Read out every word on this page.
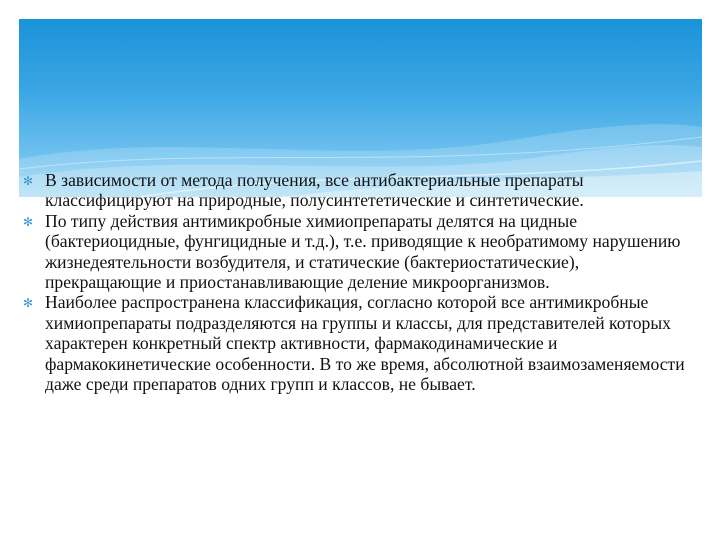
✻ В зависимости от метода получения, все антибактериальные препараты классифицируют на природные, полусинтететические и синтетические.
✻ По типу действия антимикробные химиопрепараты делятся на цидные (бактериоцидные, фунгицидные и т.д.), т.е. приводящие к необратимому нарушению жизнедеятельности возбудителя, и статические (бактериостатические), прекращающие и приостанавливающие деление микроорганизмов.
✻ Наиболее распространена классификация, согласно которой все антимикробные химиопрепараты подразделяются на группы и классы, для представителей которых характерен конкретный спектр активности, фармакодинамические и фармакокинетические особенности. В то же время, абсолютной взаимозаменяемости даже среди препаратов одних групп и классов, не бывает.
